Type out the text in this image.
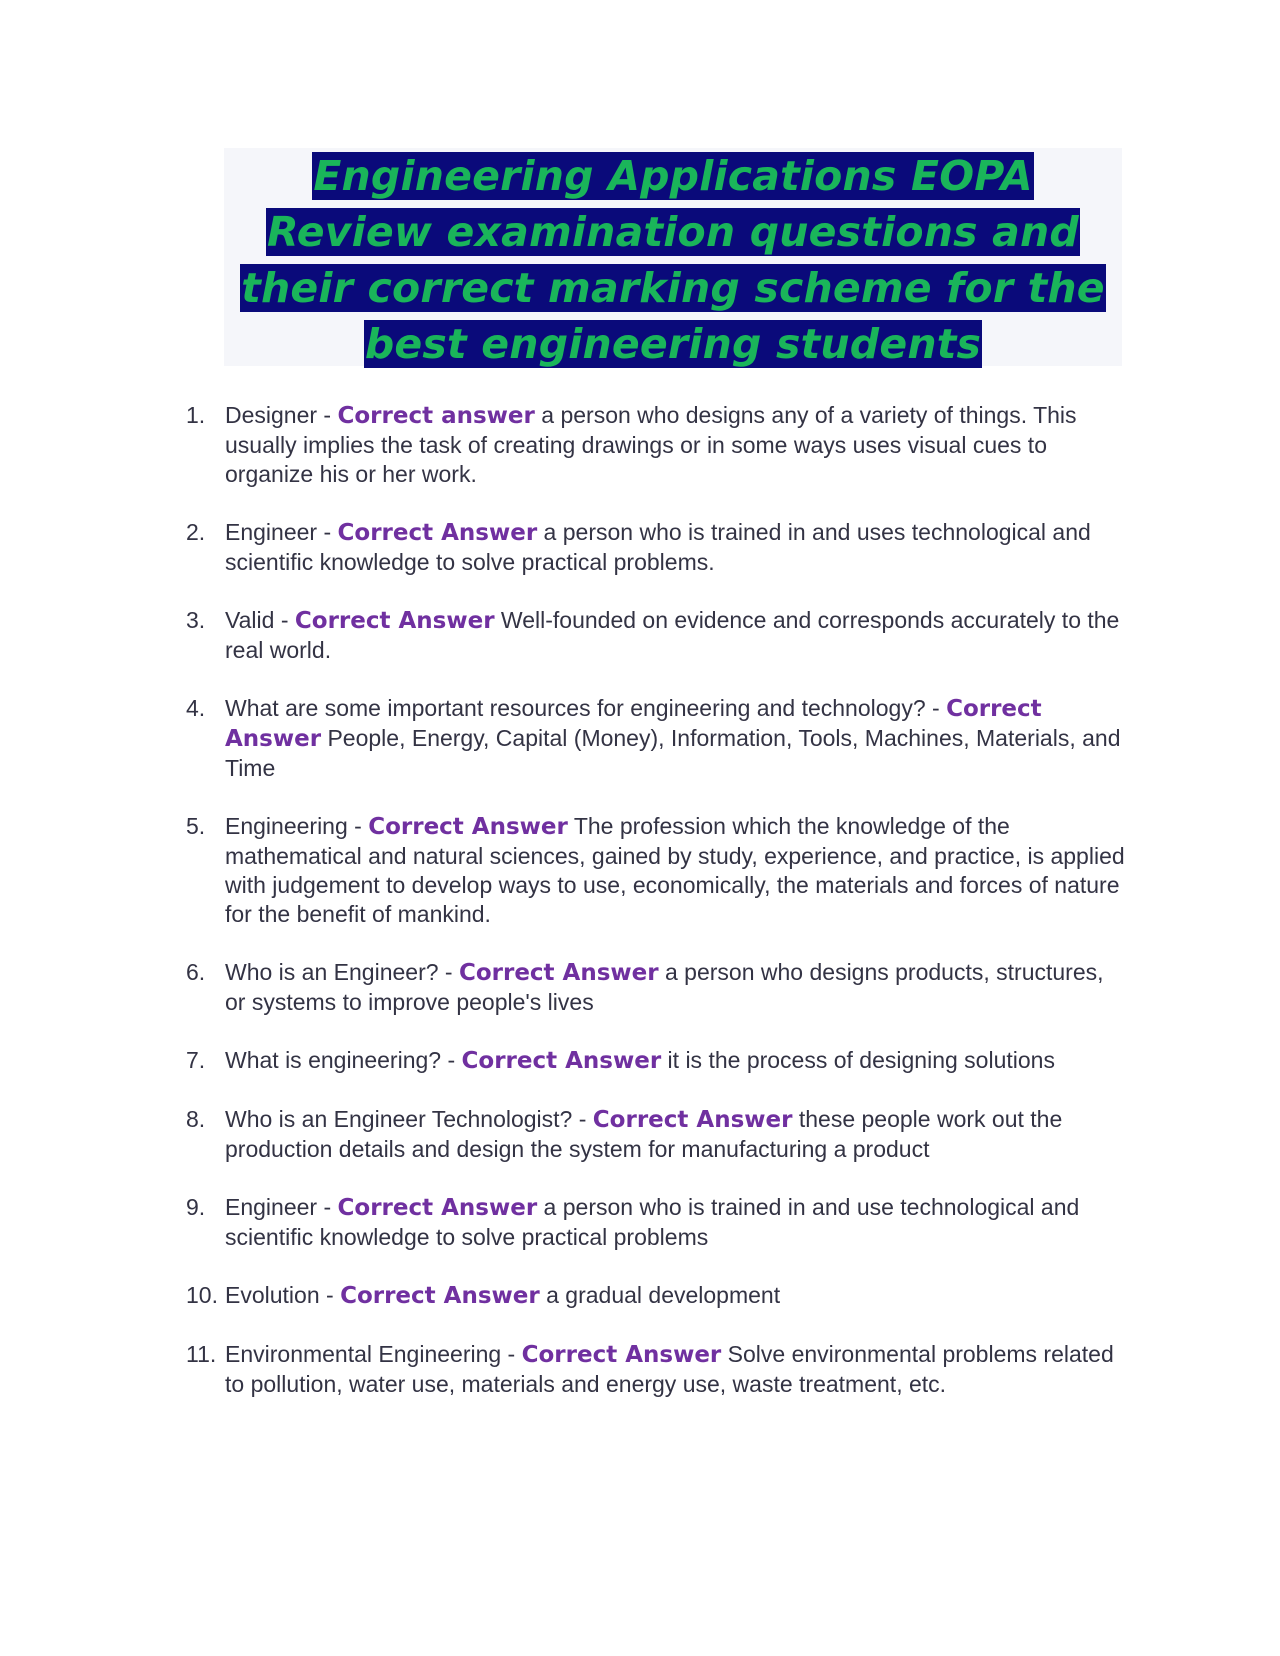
Engineering Applications EOPA Review examination questions and their correct marking scheme for the best engineering students
1. Designer - Correct answer a person who designs any of a variety of things. This usually implies the task of creating drawings or in some ways uses visual cues to organize his or her work.
2. Engineer - Correct Answer a person who is trained in and uses technological and scientific knowledge to solve practical problems.
3. Valid - Correct Answer Well-founded on evidence and corresponds accurately to the real world.
4. What are some important resources for engineering and technology? - Correct Answer People, Energy, Capital (Money), Information, Tools, Machines, Materials, and Time
5. Engineering - Correct Answer The profession which the knowledge of the mathematical and natural sciences, gained by study, experience, and practice, is applied with judgement to develop ways to use, economically, the materials and forces of nature for the benefit of mankind.
6. Who is an Engineer? - Correct Answer a person who designs products, structures, or systems to improve people's lives
7. What is engineering? - Correct Answer it is the process of designing solutions
8. Who is an Engineer Technologist? - Correct Answer these people work out the production details and design the system for manufacturing a product
9. Engineer - Correct Answer a person who is trained in and use technological and scientific knowledge to solve practical problems
10. Evolution - Correct Answer a gradual development
11. Environmental Engineering - Correct Answer Solve environmental problems related to pollution, water use, materials and energy use, waste treatment, etc.
